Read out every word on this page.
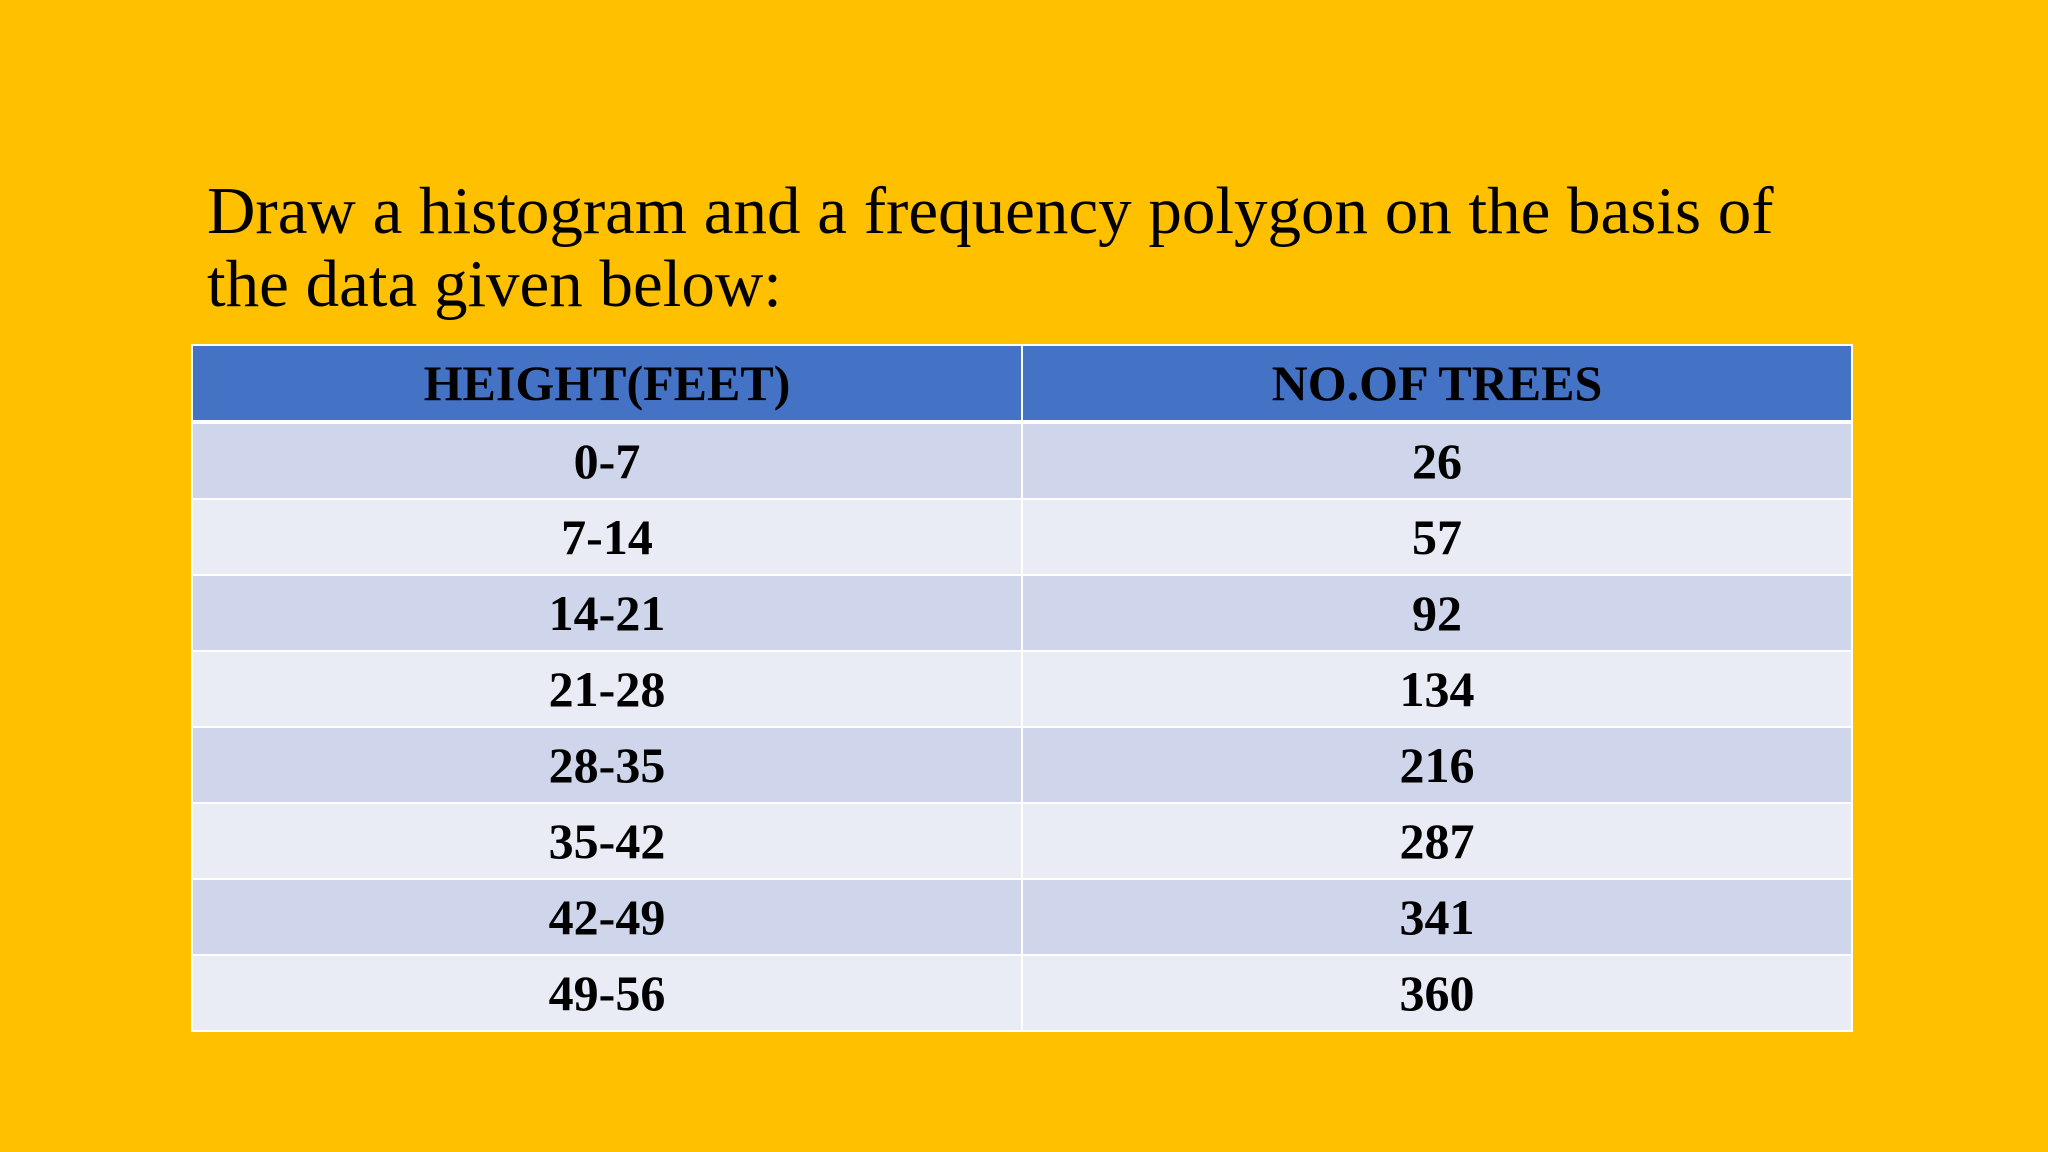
Draw a histogram and a frequency polygon on the basis of the data given below:
HEIGHT(FEET)	NO.OF TREES
0-7	26
7-14	57
14-21	92
21-28	134
28-35	216
35-42	287
42-49	341
49-56	360
